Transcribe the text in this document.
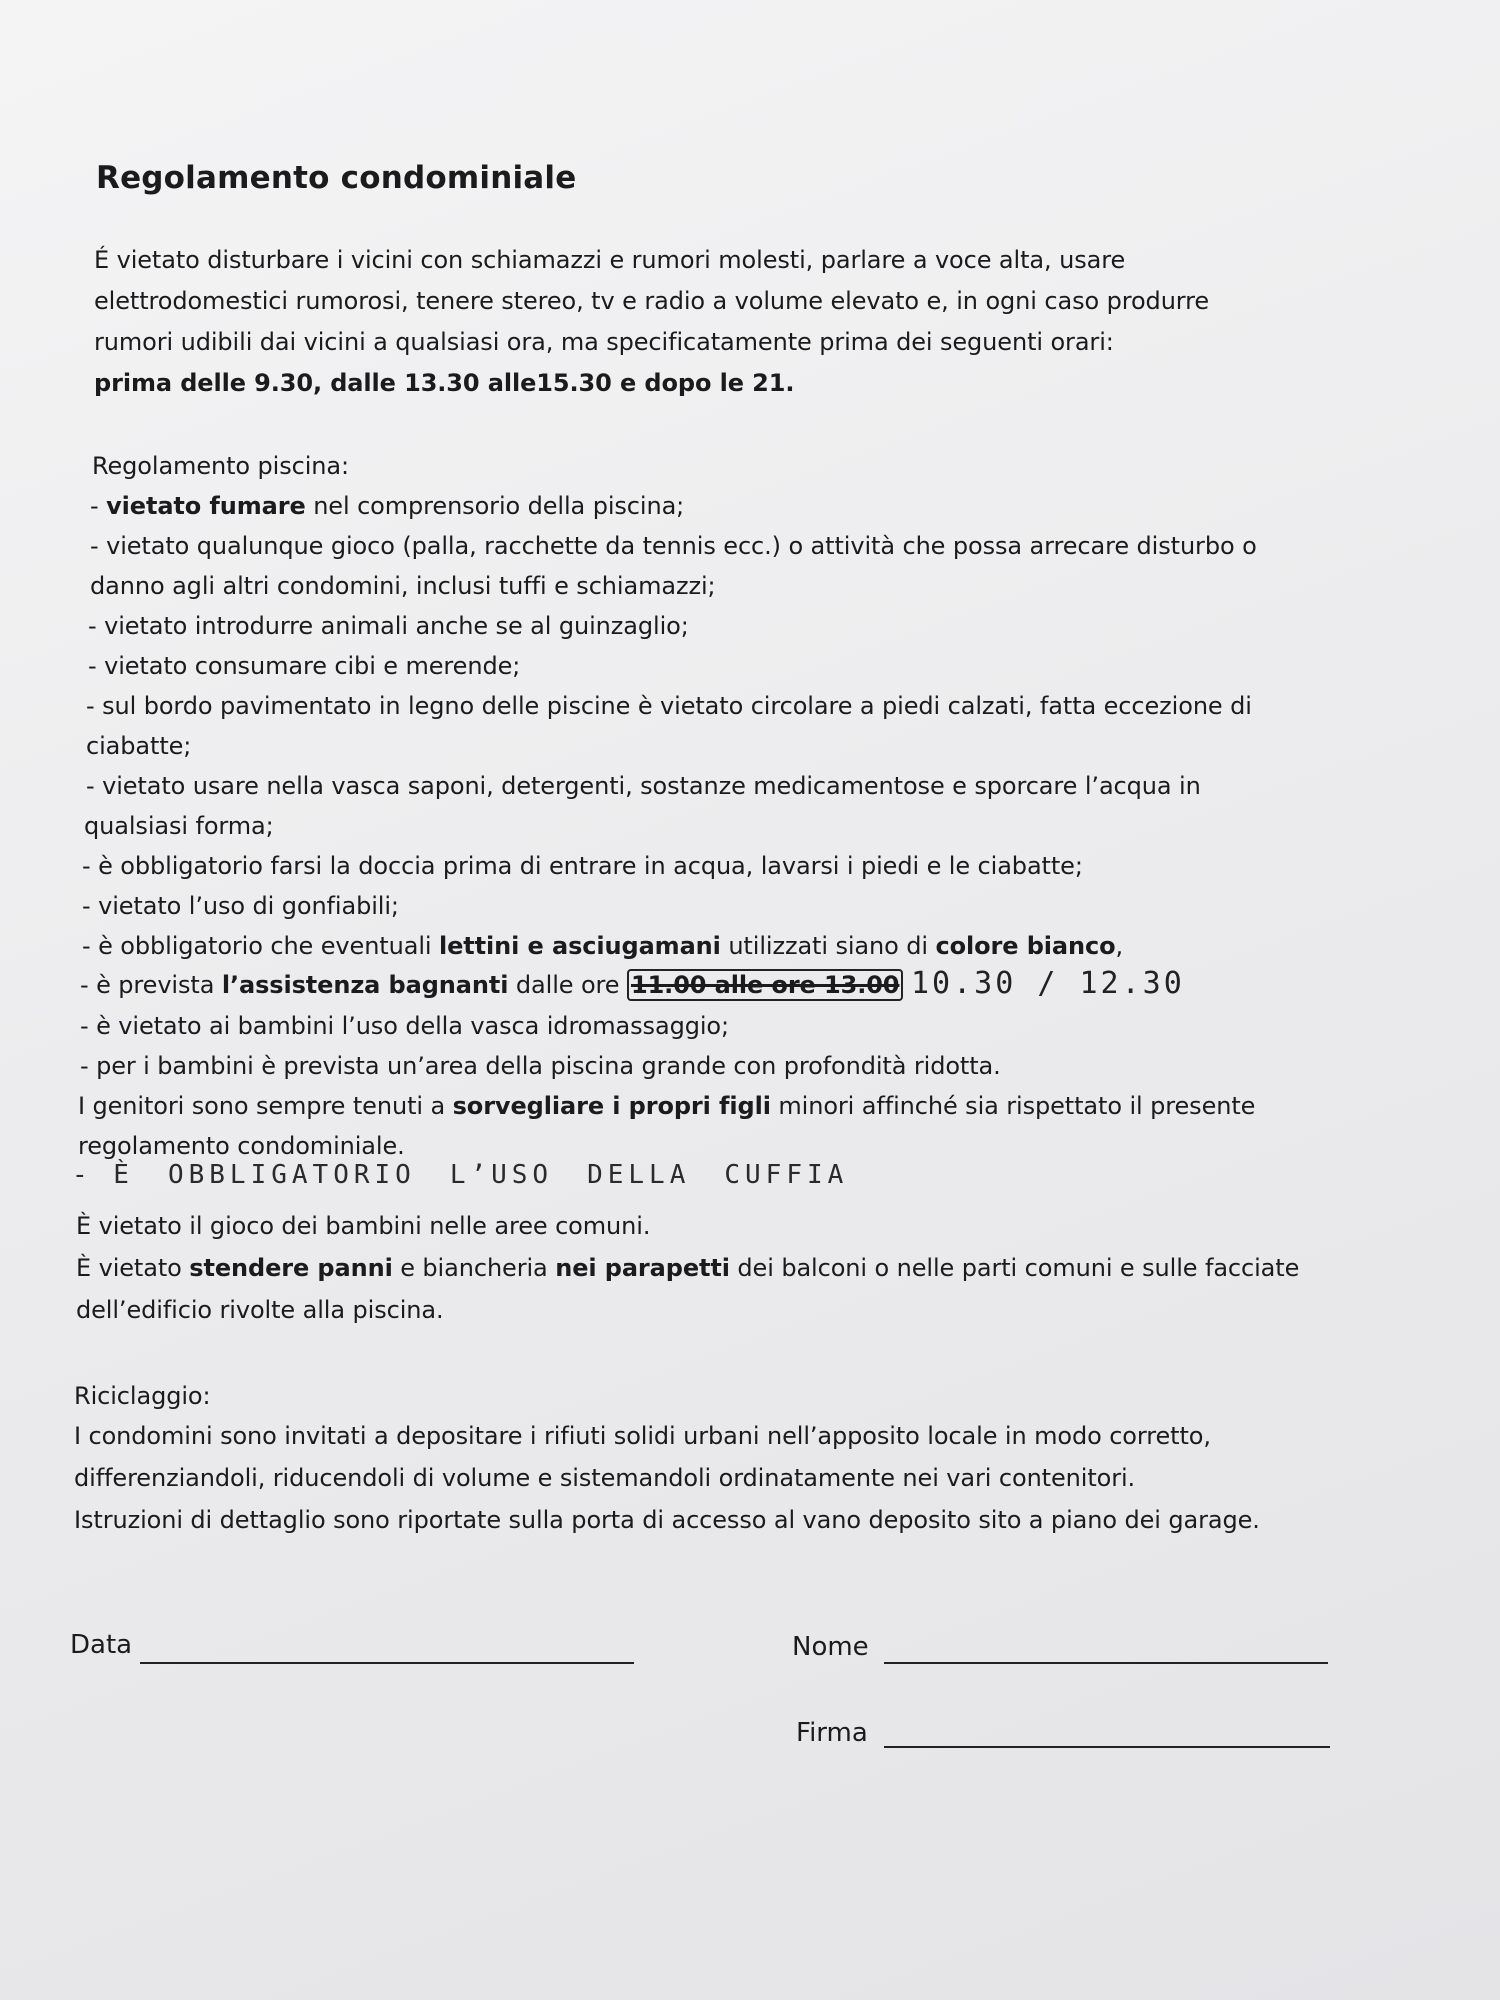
Regolamento condominiale
É vietato disturbare i vicini con schiamazzi e rumori molesti, parlare a voce alta, usare
elettrodomestici rumorosi, tenere stereo, tv e radio a volume elevato e, in ogni caso produrre
rumori udibili dai vicini a qualsiasi ora, ma specificatamente prima dei seguenti orari:
prima delle 9.30, dalle 13.30 alle15.30 e dopo le 21.
Regolamento piscina:
- vietato fumare nel comprensorio della piscina;
- vietato qualunque gioco (palla, racchette da tennis ecc.) o attività che possa arrecare disturbo o
danno agli altri condomini, inclusi tuffi e schiamazzi;
- vietato introdurre animali anche se al guinzaglio;
- vietato consumare cibi e merende;
- sul bordo pavimentato in legno delle piscine è vietato circolare a piedi calzati, fatta eccezione di
ciabatte;
- vietato usare nella vasca saponi, detergenti, sostanze medicamentose e sporcare l’acqua in
qualsiasi forma;
- è obbligatorio farsi la doccia prima di entrare in acqua, lavarsi i piedi e le ciabatte;
- vietato l’uso di gonfiabili;
- è obbligatorio che eventuali lettini e asciugamani utilizzati siano di colore bianco,
- è prevista l’assistenza bagnanti dalle ore 11.00 alle ore 13.00 10.30 / 12.30
- è vietato ai bambini l’uso della vasca idromassaggio;
- per i bambini è prevista un’area della piscina grande con profondità ridotta.
I genitori sono sempre tenuti a sorvegliare i propri figli minori affinché sia rispettato il presente
regolamento condominiale.
- È OBBLIGATORIO L’USO DELLA CUFFIA
È vietato il gioco dei bambini nelle aree comuni.
È vietato stendere panni e biancheria nei parapetti dei balconi o nelle parti comuni e sulle facciate
dell’edificio rivolte alla piscina.
Riciclaggio:
I condomini sono invitati a depositare i rifiuti solidi urbani nell’apposito locale in modo corretto,
differenziandoli, riducendoli di volume e sistemandoli ordinatamente nei vari contenitori.
Istruzioni di dettaglio sono riportate sulla porta di accesso al vano deposito sito a piano dei garage.
Data	Nome
Firma
